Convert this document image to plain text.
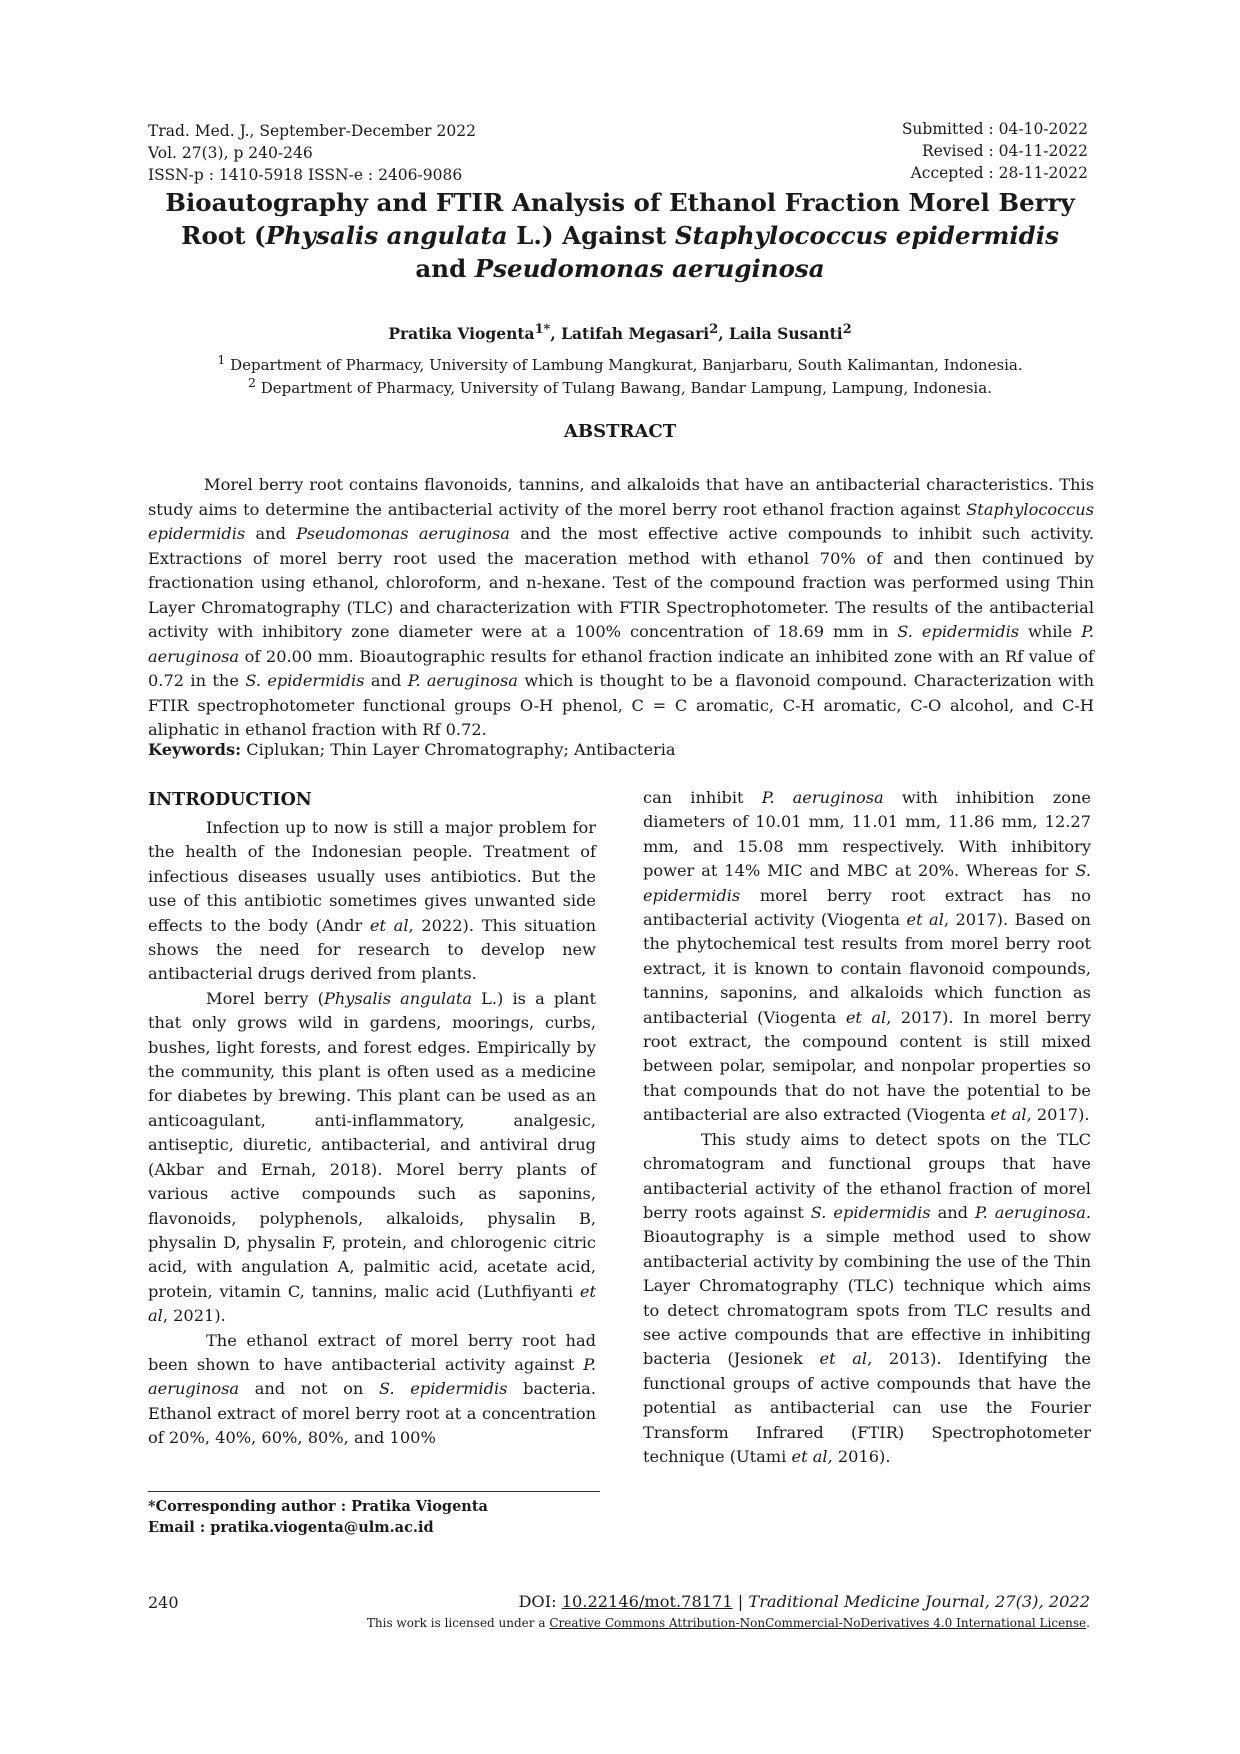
Trad. Med. J., September-December 2022
Vol. 27(3), p 240-246
ISSN-p : 1410-5918 ISSN-e : 2406-9086
Submitted : 04-10-2022
Revised : 04-11-2022
Accepted : 28-11-2022
Bioautography and FTIR Analysis of Ethanol Fraction Morel Berry
Root (Physalis angulata L.) Against Staphylococcus epidermidis
and Pseudomonas aeruginosa
Pratika Viogenta$^{1*}$, Latifah Megasari$^2$, Laila Susanti$^2$
$^1$ Department of Pharmacy, University of Lambung Mangkurat, Banjarbaru, South Kalimantan, Indonesia.
$^2$ Department of Pharmacy, University of Tulang Bawang, Bandar Lampung, Lampung, Indonesia.
ABSTRACT

Morel berry root contains flavonoids, tannins, and alkaloids that have an antibacterial characteristics. This study aims to determine the antibacterial activity of the morel berry root ethanol fraction against Staphylococcus epidermidis and Pseudomonas aeruginosa and the most effective active compounds to inhibit such activity. Extractions of morel berry root used the maceration method with ethanol 70% of and then continued by fractionation using ethanol, chloroform, and n-hexane. Test of the compound fraction was performed using Thin Layer Chromatography (TLC) and characterization with FTIR Spectrophotometer. The results of the antibacterial activity with inhibitory zone diameter were at a 100% concentration of 18.69 mm in S. epidermidis while P. aeruginosa of 20.00 mm. Bioautographic results for ethanol fraction indicate an inhibited zone with an Rf value of 0.72 in the S. epidermidis and P. aeruginosa which is thought to be a flavonoid compound. Characterization with FTIR spectrophotometer functional groups O-H phenol, C = C aromatic, C-H aromatic, C-O alcohol, and C-H aliphatic in ethanol fraction with Rf 0.72.

Keywords: Ciplukan; Thin Layer Chromatography; Antibacteria
INTRODUCTION

Infection up to now is still a major problem for the health of the Indonesian people. Treatment of infectious diseases usually uses antibiotics. But the use of this antibiotic sometimes gives unwanted side effects to the body (Andr et al, 2022). This situation shows the need for research to develop new antibacterial drugs derived from plants.

Morel berry (Physalis angulata L.) is a plant that only grows wild in gardens, moorings, curbs, bushes, light forests, and forest edges. Empirically by the community, this plant is often used as a medicine for diabetes by brewing. This plant can be used as an anticoagulant, anti-inflammatory, analgesic, antiseptic, diuretic, antibacterial, and antiviral drug (Akbar and Ernah, 2018). Morel berry plants of various active compounds such as saponins, flavonoids, polyphenols, alkaloids, physalin B, physalin D, physalin F, protein, and chlorogenic citric acid, with angulation A, palmitic acid, acetate acid, protein, vitamin C, tannins, malic acid (Luthfiyanti et al, 2021).

The ethanol extract of morel berry root had been shown to have antibacterial activity against P. aeruginosa and not on S. epidermidis bacteria. Ethanol extract of morel berry root at a concentration of 20%, 40%, 60%, 80%, and 100%

can inhibit P. aeruginosa with inhibition zone diameters of 10.01 mm, 11.01 mm, 11.86 mm, 12.27 mm, and 15.08 mm respectively. With inhibitory power at 14% MIC and MBC at 20%. Whereas for S. epidermidis morel berry root extract has no antibacterial activity (Viogenta et al, 2017). Based on the phytochemical test results from morel berry root extract, it is known to contain flavonoid compounds, tannins, saponins, and alkaloids which function as antibacterial (Viogenta et al, 2017). In morel berry root extract, the compound content is still mixed between polar, semipolar, and nonpolar properties so that compounds that do not have the potential to be antibacterial are also extracted (Viogenta et al, 2017).

This study aims to detect spots on the TLC chromatogram and functional groups that have antibacterial activity of the ethanol fraction of morel berry roots against S. epidermidis and P. aeruginosa. Bioautography is a simple method used to show antibacterial activity by combining the use of the Thin Layer Chromatography (TLC) technique which aims to detect chromatogram spots from TLC results and see active compounds that are effective in inhibiting bacteria (Jesionek et al, 2013). Identifying the functional groups of active compounds that have the potential as antibacterial can use the Fourier Transform Infrared (FTIR) Spectrophotometer technique (Utami et al, 2016).

*Corresponding author : Pratika Viogenta
Email : pratika.viogenta@ulm.ac.id
240	DOI: 10.22146/mot.78171 | Traditional Medicine Journal, 27(3), 2022
This work is licensed under a Creative Commons Attribution-NonCommercial-NoDerivatives 4.0 International License.
